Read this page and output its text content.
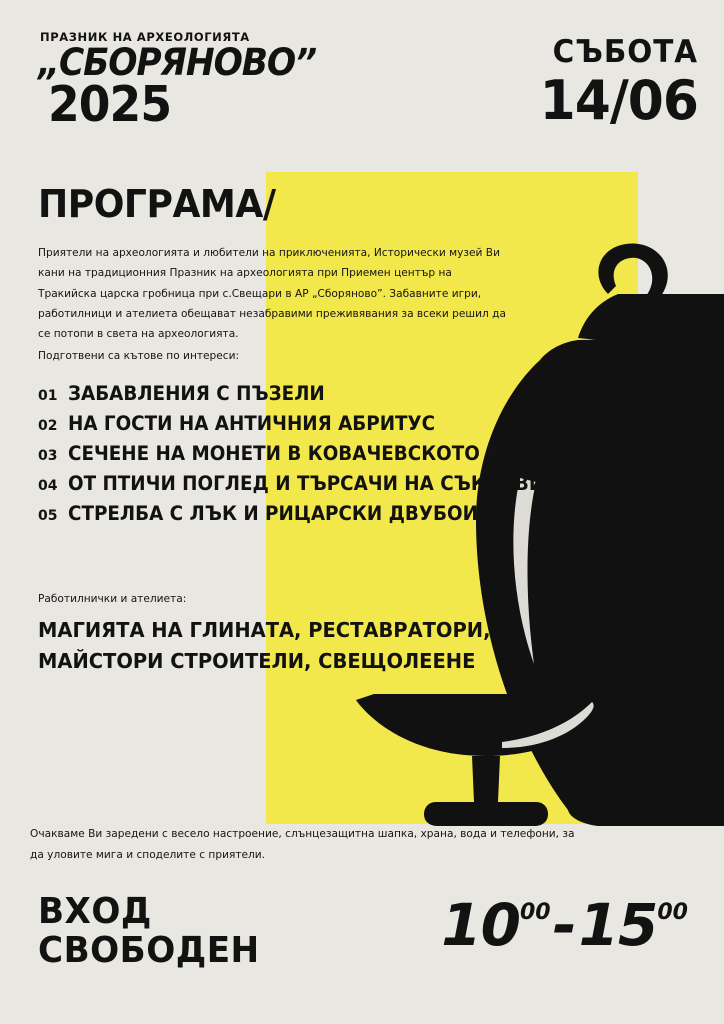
ПРАЗНИК НА АРХЕОЛОГИЯТА
„СБОРЯНОВО”
2025
СЪБОТА
14/06
ПРОГРАМА/

Приятели на археологията и любители на приключенията, Исторически музей Ви кани на традиционния Празник на археологията при Приемен център на Тракийска царска гробница при с.Свещари в АР „Сборяново”. Забавните игри, работилници и ателиета обещават незабравими преживявания за всеки решил да се потопи в света на археологията.

Подготвени са кътове по интереси:

01 ЗАБАВЛЕНИЯ С ПЪЗЕЛИ
02 НА ГОСТИ НА АНТИЧНИЯ АБРИТУС
03 СЕЧЕНЕ НА МОНЕТИ В КОВАЧЕВСКОТО КАЛЕ
04 ОТ ПТИЧИ ПОГЛЕД И ТЪРСАЧИ НА СЪКРОВИЩА
05 СТРЕЛБА С ЛЪК И РИЦАРСКИ ДВУБОИ

Работилнички и ателиета:

МАГИЯТА НА ГЛИНАТА, РЕСТАВРАТОРИ,
МАЙСТОРИ СТРОИТЕЛИ, СВЕЩОЛЕЕНЕ

Очакваме Ви заредени с весело настроение, слънцезащитна шапка, храна, вода и телефони, за да уловите мига и споделите с приятели.

ВХОД
СВОБОДЕН	10 00 - 15 00
